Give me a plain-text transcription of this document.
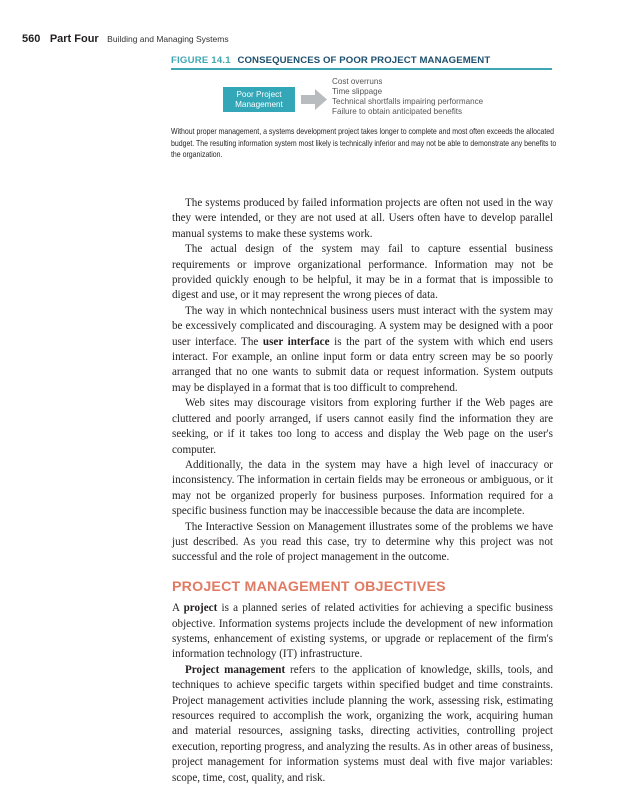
560 Part Four Building and Managing Systems
FIGURE 14.1 CONSEQUENCES OF POOR PROJECT MANAGEMENT
Poor Project
Management
Cost overruns
Time slippage
Technical shortfalls impairing performance
Failure to obtain anticipated benefits
Without proper management, a systems development project takes longer to complete and most often exceeds the allocated budget. The resulting information system most likely is technically inferior and may not be able to demonstrate any benefits to the organization.

The systems produced by failed information projects are often not used in the way they were intended, or they are not used at all. Users often have to develop parallel manual systems to make these systems work.

The actual design of the system may fail to capture essential business requirements or improve organizational performance. Information may not be provided quickly enough to be helpful, it may be in a format that is impossible to digest and use, or it may represent the wrong pieces of data.

The way in which nontechnical business users must interact with the system may be excessively complicated and discouraging. A system may be designed with a poor user interface. The user interface is the part of the system with which end users interact. For example, an online input form or data entry screen may be so poorly arranged that no one wants to submit data or request information. System outputs may be displayed in a format that is too difficult to comprehend.

Web sites may discourage visitors from exploring further if the Web pages are cluttered and poorly arranged, if users cannot easily find the information they are seeking, or if it takes too long to access and display the Web page on the user's computer.

Additionally, the data in the system may have a high level of inaccuracy or inconsistency. The information in certain fields may be erroneous or ambiguous, or it may not be organized properly for business purposes. Information required for a specific business function may be inaccessible because the data are incomplete.

The Interactive Session on Management illustrates some of the problems we have just described. As you read this case, try to determine why this project was not successful and the role of project management in the outcome.

PROJECT MANAGEMENT OBJECTIVES

A project is a planned series of related activities for achieving a specific business objective. Information systems projects include the development of new information systems, enhancement of existing systems, or upgrade or replacement of the firm's information technology (IT) infrastructure.

Project management refers to the application of knowledge, skills, tools, and techniques to achieve specific targets within specified budget and time constraints. Project management activities include planning the work, assessing risk, estimating resources required to accomplish the work, organizing the work, acquiring human and material resources, assigning tasks, directing activities, controlling project execution, reporting progress, and analyzing the results. As in other areas of business, project management for information systems must deal with five major variables: scope, time, cost, quality, and risk.
